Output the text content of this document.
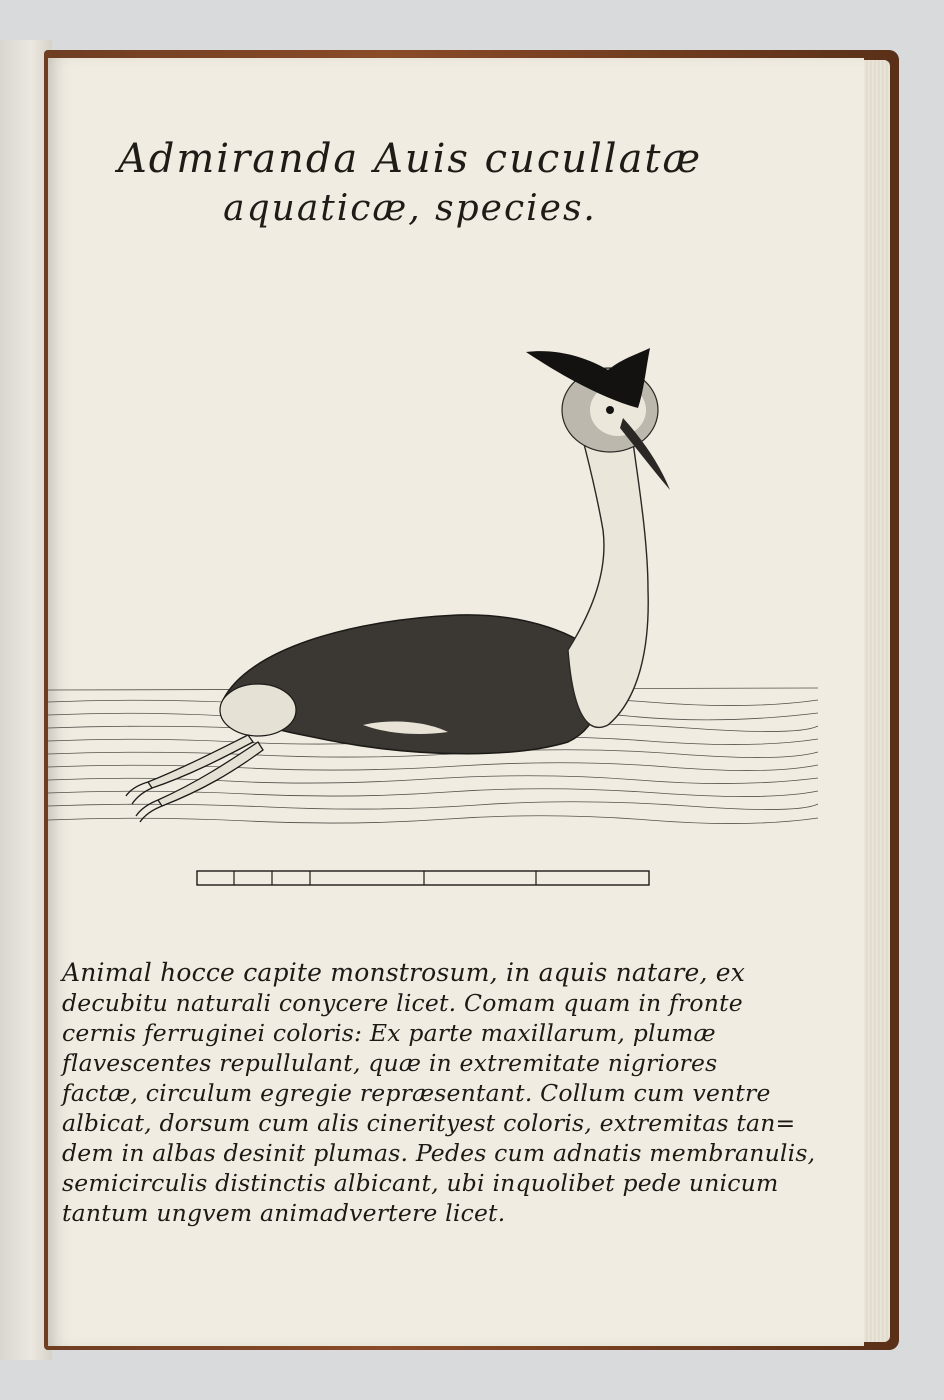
Admiranda Auis cucullatæ
aquaticæ, species.
Animal hocce capite monstrosum, in aquis natare, ex
decubitu naturali conycere licet. Comam quam in fronte
cernis ferruginei coloris: Ex parte maxillarum, plumæ
flavescentes repullulant, quæ in extremitate nigriores
factæ, circulum egregie repræsentant. Collum cum ventre
albicat, dorsum cum alis cinerityest coloris, extremitas tan=
dem in albas desinit plumas. Pedes cum adnatis membranulis,
semicirculis distinctis albicant, ubi inquolibet pede unicum
tantum ungvem animadvertere licet.
